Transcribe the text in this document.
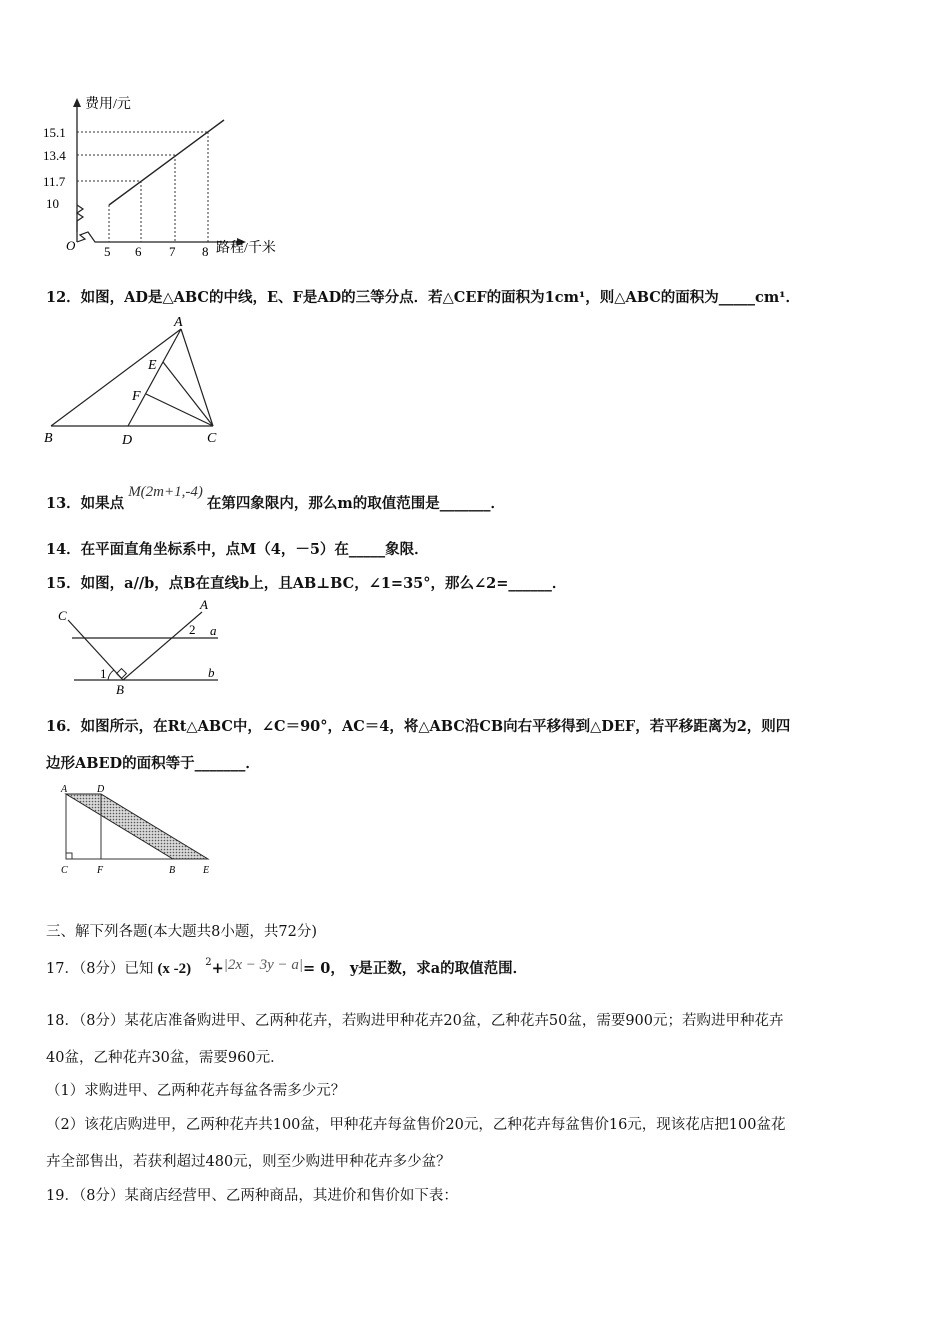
费用/元
路程/千米
O
15.1
13.4
11.7
10
5 6 7 8
12．如图，AD是△ABC的中线，E、F是AD的三等分点．若△CEF的面积为1cm¹，则△ABC的面积为_____cm¹．
A
E
F
B	D	C
13．如果点M(2m+1,-4)在第四象限内，那么m的取值范围是_______．
14．在平面直角坐标系中，点M（4，－5）在_____象限．
15．如图，a//b，点B在直线b上，且AB⊥BC，∠1=35°，那么∠2=______．
C
A
2 a
1
B
b
16．如图所示，在Rt△ABC中，∠C＝90°，AC＝4，将△ABC沿CB向右平移得到△DEF，若平移距离为2，则四
边形ABED的面积等于_______．
A	D
C	F	B	E
三、解下列各题(本大题共8小题，共72分)
17．（8分）已知 (x -2) $^2$+|2x − 3y − a|= 0， y是正数，求a的取值范围．
18．（8分）某花店准备购进甲、乙两种花卉，若购进甲种花卉20盆，乙种花卉50盆，需要900元；若购进甲种花卉
40盆，乙种花卉30盆，需要960元．
（1）求购进甲、乙两种花卉每盆各需多少元？
（2）该花店购进甲，乙两种花卉共100盆，甲种花卉每盆售价20元，乙种花卉每盆售价16元，现该花店把100盆花
卉全部售出，若获利超过480元，则至少购进甲种花卉多少盆？
19．（8分）某商店经营甲、乙两种商品，其进价和售价如下表：
